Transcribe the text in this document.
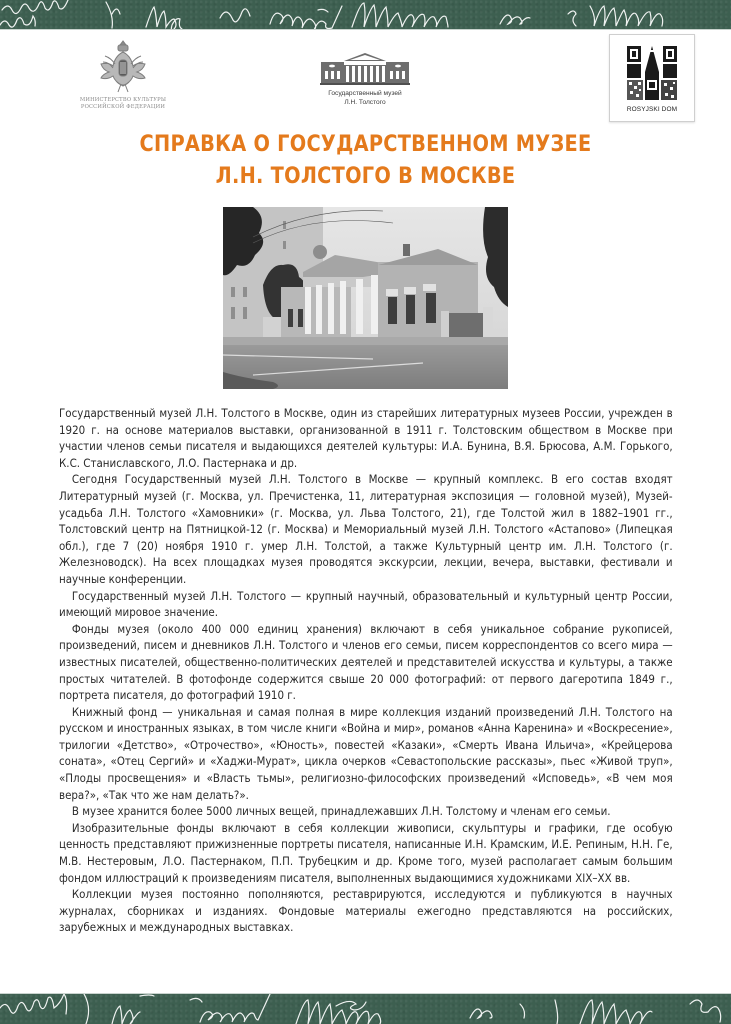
МИНИСТЕРСТВО КУЛЬТУРЫ
РОССИЙСКОЙ ФЕДЕРАЦИИ
Государственный музей
Л.Н. Толстого
ROSYJSKI DOM
СПРАВКА О ГОСУДАРСТВЕННОМ МУЗЕЕ
Л.Н. ТОЛСТОГО В МОСКВЕ

Государственный музей Л.Н. Толстого в Москве, один из старейших литературных музеев России, учрежден в 1920 г. на основе материалов выставки, организованной в 1911 г. Толстовским обществом в Москве при участии членов семьи писателя и выдающихся деятелей культуры: И.А. Бунина, В.Я. Брюсова, А.М. Горького, К.С. Станиславского, Л.О. Пастернака и др.

Сегодня Государственный музей Л.Н. Толстого в Москве — крупный комплекс. В его состав входят Литературный музей (г. Москва, ул. Пречистенка, 11, литературная экспозиция — головной музей), Музей-усадьба Л.Н. Толстого «Хамовники» (г. Москва, ул. Льва Толстого, 21), где Толстой жил в 1882–1901 гг., Толстовский центр на Пятницкой-12 (г. Москва) и Мемориальный музей Л.Н. Толстого «Астапово» (Липецкая обл.), где 7 (20) ноября 1910 г. умер Л.Н. Толстой, а также Культурный центр им. Л.Н. Толстого (г. Железноводск). На всех площадках музея проводятся экскурсии, лекции, вечера, выставки, фестивали и научные конференции.

Государственный музей Л.Н. Толстого — крупный научный, образовательный и культурный центр России, имеющий мировое значение.

Фонды музея (около 400 000 единиц хранения) включают в себя уникальное собрание рукописей, произведений, писем и дневников Л.Н. Толстого и членов его семьи, писем корреспондентов со всего мира — известных писателей, общественно-политических деятелей и представителей искусства и культуры, а также простых читателей. В фотофонде содержится свыше 20 000 фотографий: от первого дагеротипа 1849 г., портрета писателя, до фотографий 1910 г.

Книжный фонд — уникальная и самая полная в мире коллекция изданий произведений Л.Н. Толстого на русском и иностранных языках, в том числе книги «Война и мир», романов «Анна Каренина» и «Воскресение», трилогии «Детство», «Отрочество», «Юность», повестей «Казаки», «Смерть Ивана Ильича», «Крейцерова соната», «Отец Сергий» и «Хаджи-Мурат», цикла очерков «Севастопольские рассказы», пьес «Живой труп», «Плоды просвещения» и «Власть тьмы», религиозно-философских произведений «Исповедь», «В чем моя вера?», «Так что же нам делать?».

В музее хранится более 5000 личных вещей, принадлежавших Л.Н. Толстому и членам его семьи.

Изобразительные фонды включают в себя коллекции живописи, скульптуры и графики, где особую ценность представляют прижизненные портреты писателя, написанные И.Н. Крамским, И.Е. Репиным, Н.Н. Ге, М.В. Нестеровым, Л.О. Пастернаком, П.П. Трубецким и др. Кроме того, музей располагает самым большим фондом иллюстраций к произведениям писателя, выполненных выдающимися художниками XIX–XX вв.

Коллекции музея постоянно пополняются, реставрируются, исследуются и публикуются в научных журналах, сборниках и изданиях. Фондовые материалы ежегодно представляются на российских, зарубежных и международных выставках.
